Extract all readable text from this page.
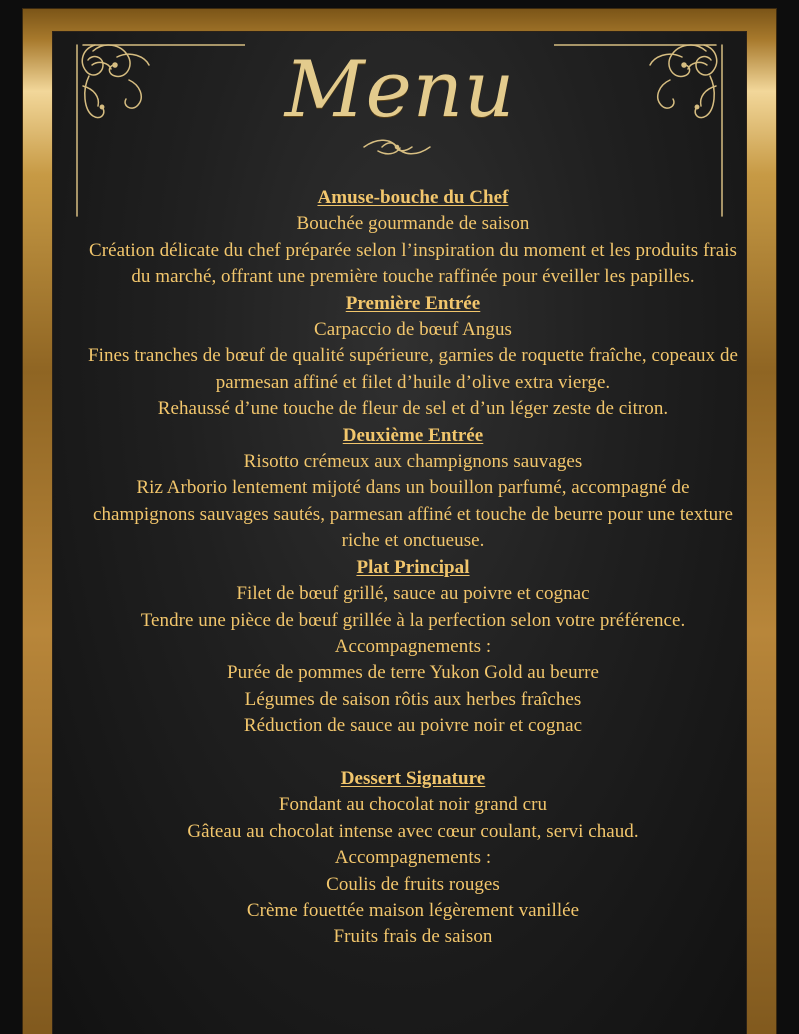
Menu
Amuse-bouche du Chef
Bouchée gourmande de saison
Création délicate du chef préparée selon l’inspiration du moment et les produits frais du marché, offrant une première touche raffinée pour éveiller les papilles.
Première Entrée
Carpaccio de bœuf Angus
Fines tranches de bœuf de qualité supérieure, garnies de roquette fraîche, copeaux de parmesan affiné et filet d’huile d’olive extra vierge.
Rehaussé d’une touche de fleur de sel et d’un léger zeste de citron.
Deuxième Entrée
Risotto crémeux aux champignons sauvages
Riz Arborio lentement mijoté dans un bouillon parfumé, accompagné de champignons sauvages sautés, parmesan affiné et touche de beurre pour une texture riche et onctueuse.
Plat Principal
Filet de bœuf grillé, sauce au poivre et cognac
Tendre une pièce de bœuf grillée à la perfection selon votre préférence.
Accompagnements :
Purée de pommes de terre Yukon Gold au beurre
Légumes de saison rôtis aux herbes fraîches
Réduction de sauce au poivre noir et cognac
Dessert Signature
Fondant au chocolat noir grand cru
Gâteau au chocolat intense avec cœur coulant, servi chaud.
Accompagnements :
Coulis de fruits rouges
Crème fouettée maison légèrement vanillée
Fruits frais de saison
